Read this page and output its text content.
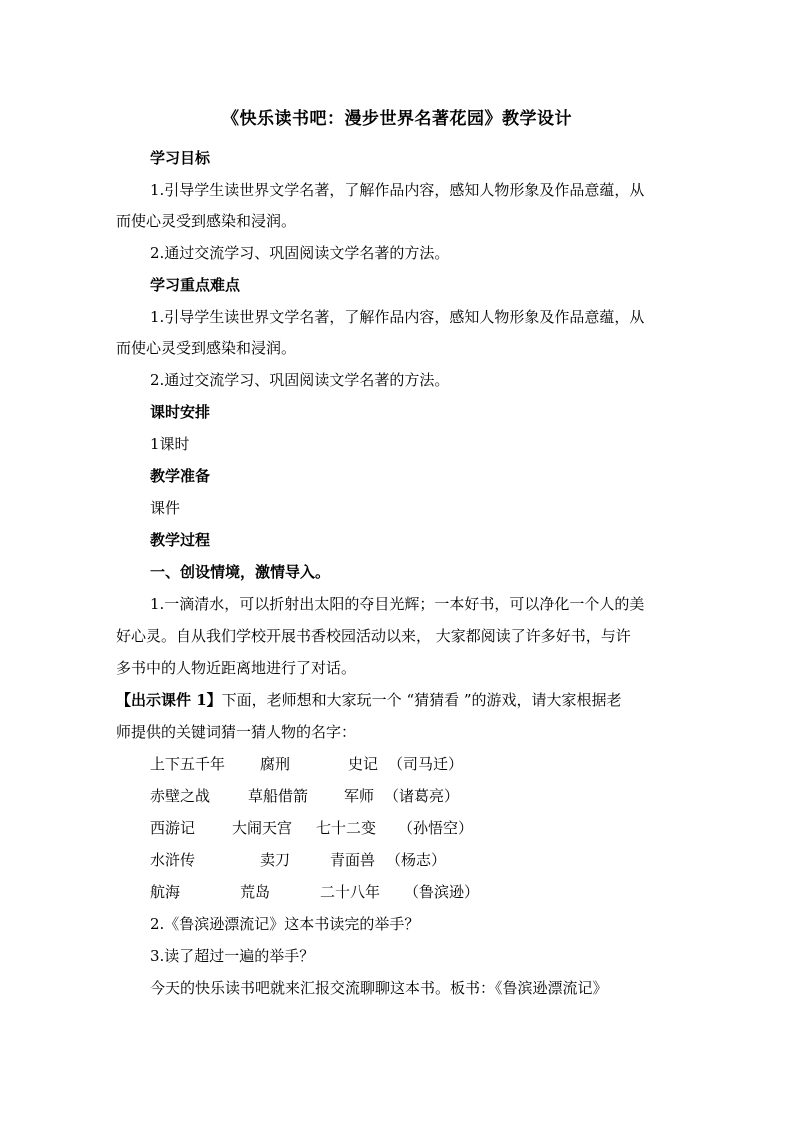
《快乐读书吧：漫步世界名著花园》教学设计
学习目标
1.引导学生读世界文学名著，了解作品内容，感知人物形象及作品意蕴，从
而使心灵受到感染和浸润。
2.通过交流学习、巩固阅读文学名著的方法。
学习重点难点
1.引导学生读世界文学名著，了解作品内容，感知人物形象及作品意蕴，从
而使心灵受到感染和浸润。
2.通过交流学习、巩固阅读文学名著的方法。
课时安排
1课时
教学准备
课件
教学过程
一、创设情境，激情导入。
1.一滴清水，可以折射出太阳的夺目光辉；一本好书，可以净化一个人的美
好心灵。自从我们学校开展书香校园活动以来， 大家都阅读了许多好书，与许
多书中的人物近距离地进行了对话。
【出示课件 1】下面，老师想和大家玩一个 “猜猜看 ”的游戏，请大家根据老
师提供的关键词猜一猜人物的名字：
上下五千年 腐刑	史记 （司马迁）
赤壁之战	草船借箭 军师 （诸葛亮）
西游记 大闹天宫 七十二变 （孙悟空）
水浒传	卖刀	青面兽 （杨志）
航海	荒岛	二十八年 （鲁滨逊）
2.《鲁滨逊漂流记》这本书读完的举手？
3.读了超过一遍的举手？
今天的快乐读书吧就来汇报交流聊聊这本书。板书：《鲁滨逊漂流记》
